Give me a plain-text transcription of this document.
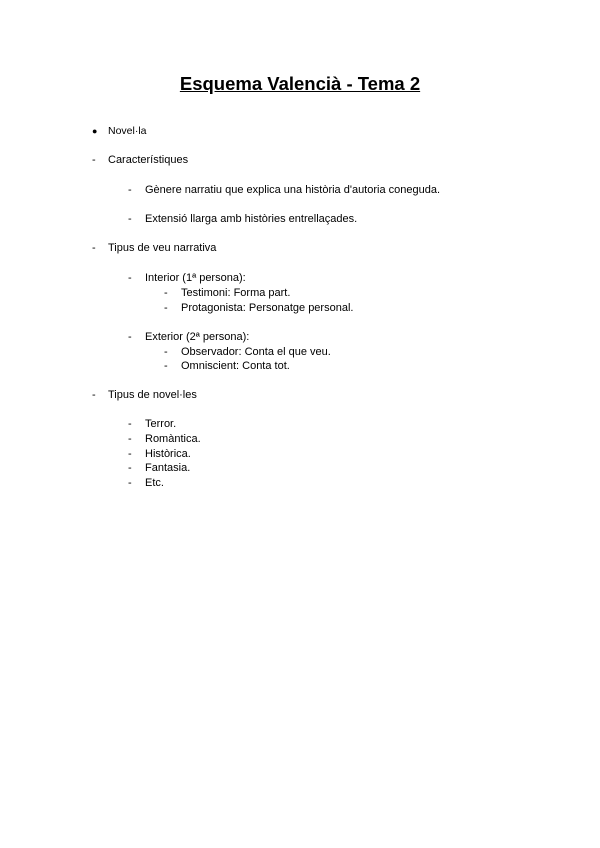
Esquema Valencià - Tema 2
● Novel·la
- Característiques
- Gènere narratiu que explica una història d'autoria coneguda.
- Extensió llarga amb històries entrellaçades.
- Tipus de veu narrativa
- Interior (1ª persona):
- Testimoni: Forma part.
- Protagonista: Personatge personal.
- Exterior (2ª persona):
- Observador: Conta el que veu.
- Omniscient: Conta tot.
- Tipus de novel·les
- Terror.
- Romàntica.
- Històrica.
- Fantasia.
- Etc.
